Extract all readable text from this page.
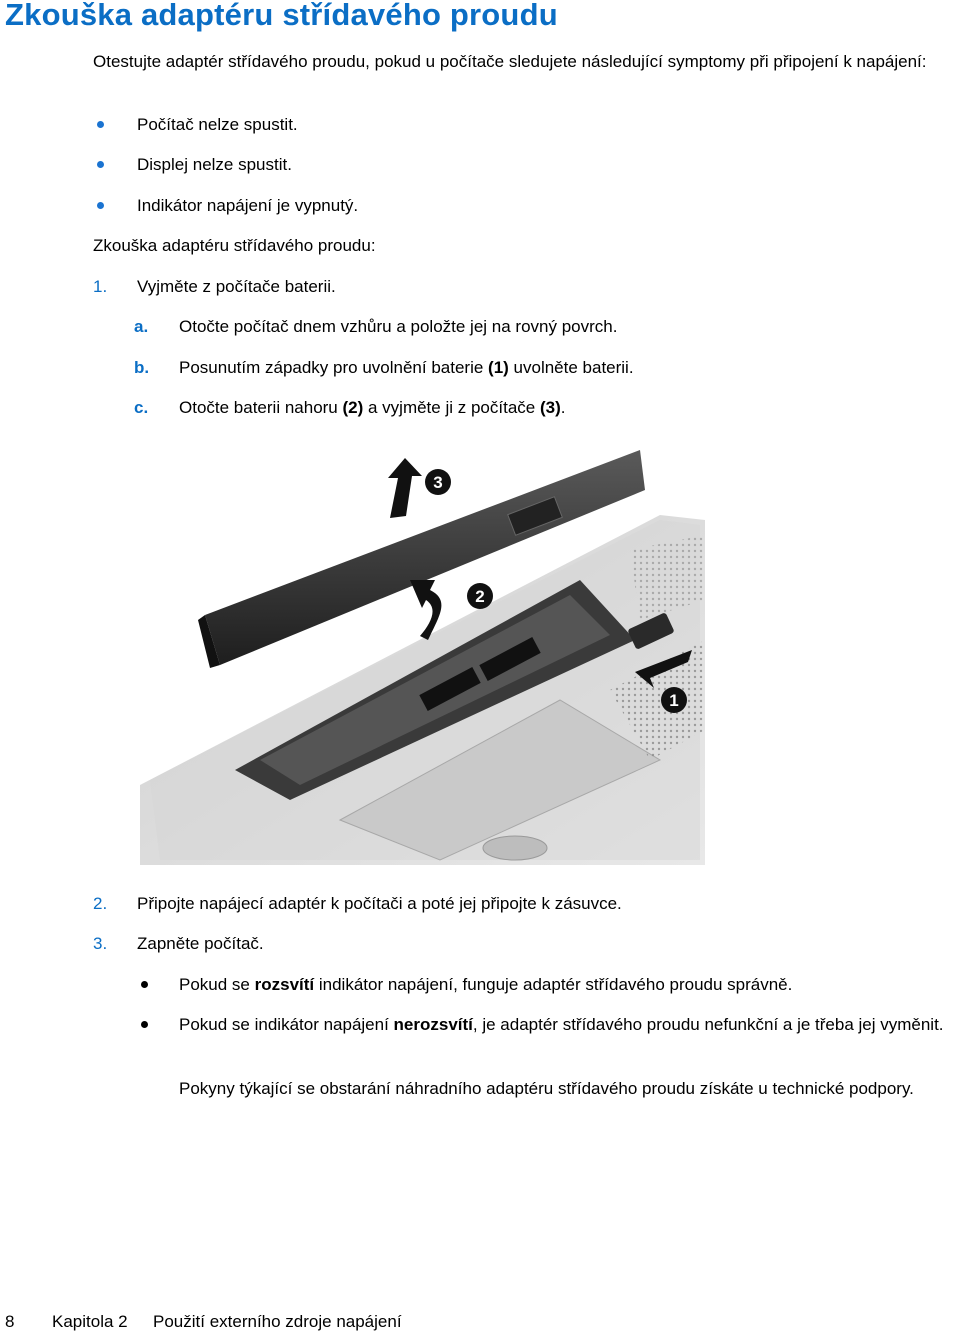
Zkouška adaptéru střídavého proudu
Otestujte adaptér střídavého proudu, pokud u počítače sledujete následující symptomy při připojení k napájení:
Počítač nelze spustit.
Displej nelze spustit.
Indikátor napájení je vypnutý.
Zkouška adaptéru střídavého proudu:
1. Vyjměte z počítače baterii.
a. Otočte počítač dnem vzhůru a položte jej na rovný povrch.
b. Posunutím západky pro uvolnění baterie (1) uvolněte baterii.
c. Otočte baterii nahoru (2) a vyjměte ji z počítače (3).
3
2
1
2. Připojte napájecí adaptér k počítači a poté jej připojte k zásuvce.
3. Zapněte počítač.
Pokud se rozsvítí indikátor napájení, funguje adaptér střídavého proudu správně.
Pokud se indikátor napájení nerozsvítí, je adaptér střídavého proudu nefunkční a je třeba jej vyměnit.
Pokyny týkající se obstarání náhradního adaptéru střídavého proudu získáte u technické podpory.
8 Kapitola 2 Použití externího zdroje napájení
